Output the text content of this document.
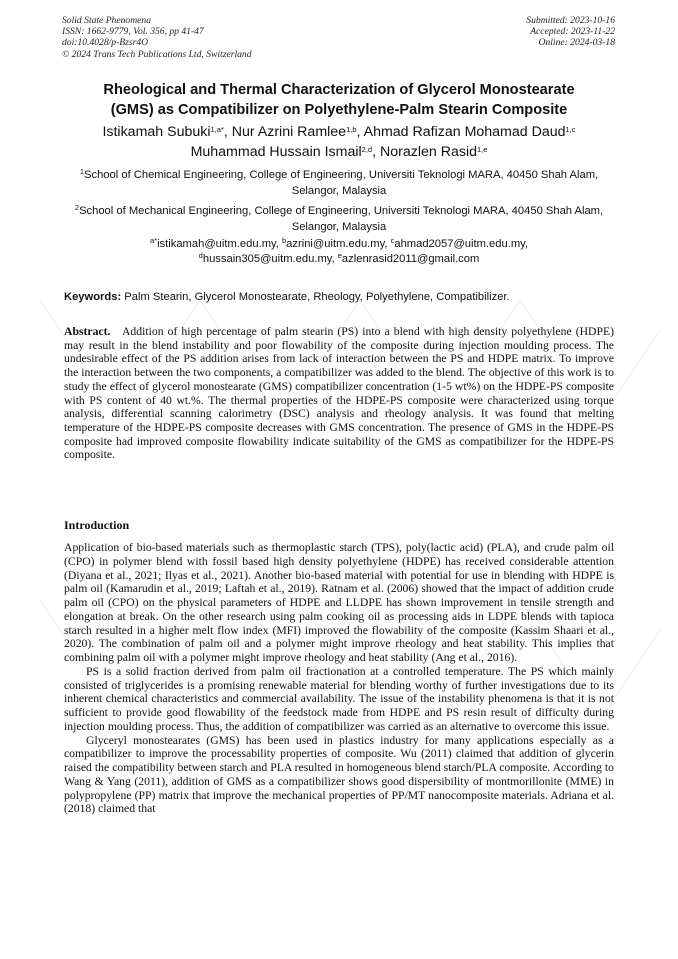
Solid State Phenomena
ISSN: 1662-9779, Vol. 356, pp 41-47
doi:10.4028/p-Bzsr4O
© 2024 Trans Tech Publications Ltd, Switzerland
Submitted: 2023-10-16
Accepted: 2023-11-22
Online: 2024-03-18
Rheological and Thermal Characterization of Glycerol Monostearate
(GMS) as Compatibilizer on Polyethylene-Palm Stearin Composite
Istikamah Subuki$^{1,a*}$, Nur Azrini Ramlee$^{1,b}$, Ahmad Rafizan Mohamad Daud$^{1,c}$
Muhammad Hussain Ismail$^{2,d}$, Norazlen Rasid$^{1,e}$
$^1$School of Chemical Engineering, College of Engineering, Universiti Teknologi MARA, 40450 Shah Alam, Selangor, Malaysia
$^2$School of Mechanical Engineering, College of Engineering, Universiti Teknologi MARA, 40450 Shah Alam, Selangor, Malaysia
$^{a*}$istikamah@uitm.edu.my, $^b$azrini@uitm.edu.my, $^c$ahmad2057@uitm.edu.my,
$^d$hussain305@uitm.edu.my, $^e$azlenrasid2011@gmail.com
Keywords: Palm Stearin, Glycerol Monostearate, Rheology, Polyethylene, Compatibilizer.
Abstract. Addition of high percentage of palm stearin (PS) into a blend with high density polyethylene (HDPE) may result in the blend instability and poor flowability of the composite during injection moulding process. The undesirable effect of the PS addition arises from lack of interaction between the PS and HDPE matrix. To improve the interaction between the two components, a compatibilizer was added to the blend. The objective of this work is to study the effect of glycerol monostearate (GMS) compatibilizer concentration (1-5 wt%) on the HDPE-PS composite with PS content of 40 wt.%. The thermal properties of the HDPE-PS composite were characterized using torque analysis, differential scanning calorimetry (DSC) analysis and rheology analysis. It was found that melting temperature of the HDPE-PS composite decreases with GMS concentration. The presence of GMS in the HDPE-PS composite had improved composite flowability indicate suitability of the GMS as compatibilizer for the HDPE-PS composite.
Introduction

Application of bio-based materials such as thermoplastic starch (TPS), poly(lactic acid) (PLA), and crude palm oil (CPO) in polymer blend with fossil based high density polyethylene (HDPE) has received considerable attention (Diyana et al., 2021; Ilyas et al., 2021). Another bio-based material with potential for use in blending with HDPE is palm oil (Kamarudin et al., 2019; Laftah et al., 2019). Ratnam et al. (2006) showed that the impact of addition crude palm oil (CPO) on the physical parameters of HDPE and LLDPE has shown improvement in tensile strength and elongation at break. On the other research using palm cooking oil as processing aids in LDPE blends with tapioca starch resulted in a higher melt flow index (MFI) improved the flowability of the composite (Kassim Shaari et al., 2020). The combination of palm oil and a polymer might improve rheology and heat stability. This implies that combining palm oil with a polymer might improve rheology and heat stability (Ang et al., 2016).

PS is a solid fraction derived from palm oil fractionation at a controlled temperature. The PS which mainly consisted of triglycerides is a promising renewable material for blending worthy of further investigations due to its inherent chemical characteristics and commercial availability. The issue of the instability phenomena is that it is not sufficient to provide good flowability of the feedstock made from HDPE and PS resin result of difficulty during injection moulding process. Thus, the addition of compatibilizer was carried as an alternative to overcome this issue.

Glyceryl monostearates (GMS) has been used in plastics industry for many applications especially as a compatibilizer to improve the processability properties of composite. Wu (2011) claimed that addition of glycerin raised the compatibility between starch and PLA resulted in homogeneous blend starch/PLA composite. According to Wang & Yang (2011), addition of GMS as a compatibilizer shows good dispersibility of montmorillonite (MME) in polypropylene (PP) matrix that improve the mechanical properties of PP/MT nanocomposite materials. Adriana et al. (2018) claimed that
